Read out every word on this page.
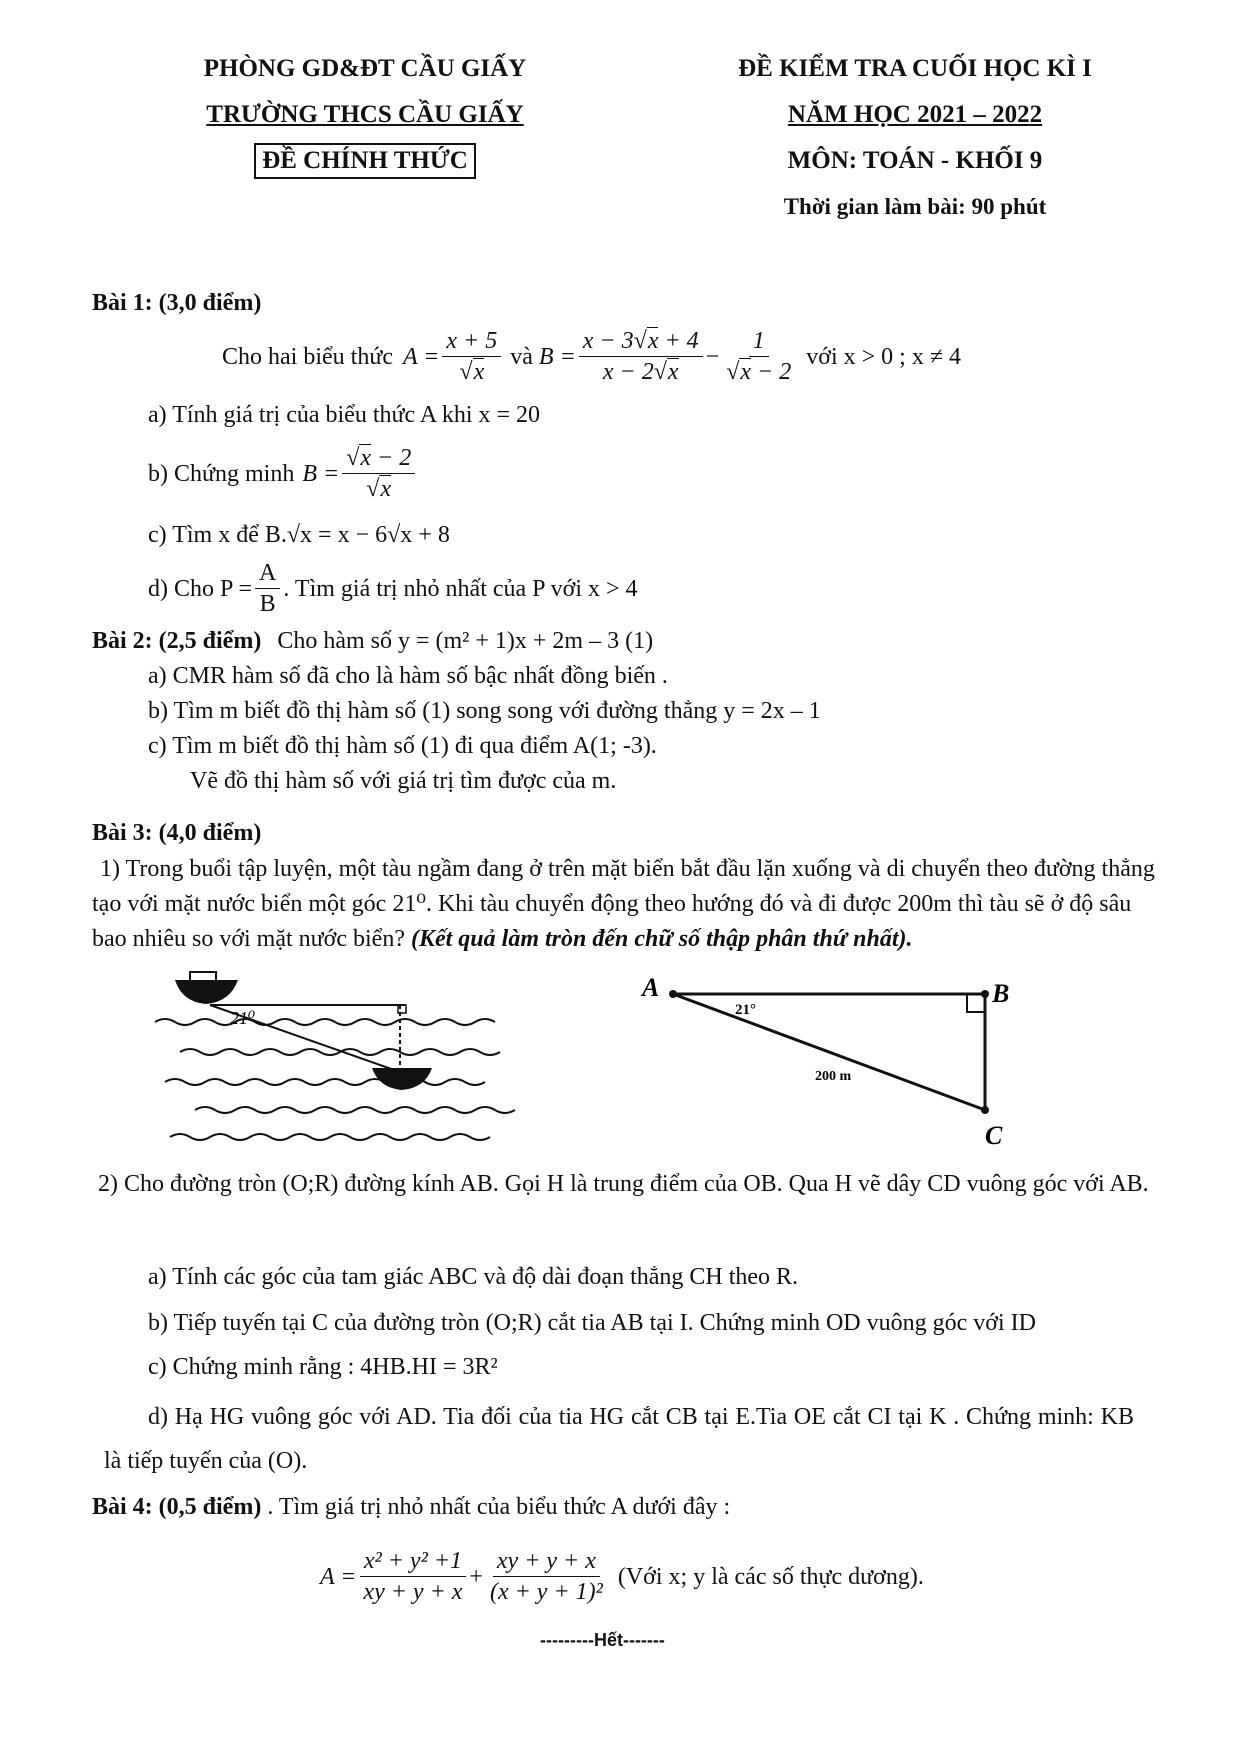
PHÒNG GD&ĐT CẦU GIẤY
TRƯỜNG THCS CẦU GIẤY
ĐỀ CHÍNH THỨC
ĐỀ KIỂM TRA CUỐI HỌC KÌ I
NĂM HỌC 2021 – 2022
MÔN: TOÁN - KHỐI 9
Thời gian làm bài: 90 phút
Bài 1: (3,0 điểm)
Cho hai biểu thức $A = \frac{x + 5}{√x}$ và $B = \frac{x - 3√x + 4}{x - 2√x} - \frac{1}{√x - 2}$ với x > 0 ; x ≠ 4
a) Tính giá trị của biểu thức A khi x = 20
b) Chứng minh $B = \frac{√x - 2}{√x}$
c) Tìm x để B.√x = x − 6√x + 8
d) Cho $P = \frac{A}{B}$ . Tìm giá trị nhỏ nhất của P với x > 4
Bài 2: (2,5 điểm) Cho hàm số y = (m² + 1)x + 2m – 3 (1)
a) CMR hàm số đã cho là hàm số bậc nhất đồng biến .
b) Tìm m biết đồ thị hàm số (1) song song với đường thẳng y = 2x – 1
c) Tìm m biết đồ thị hàm số (1) đi qua điểm A(1; -3).
Vẽ đồ thị hàm số với giá trị tìm được của m.
Bài 3: (4,0 điểm)
1) Trong buổi tập luyện, một tàu ngầm đang ở trên mặt biển bắt đầu lặn xuống và di chuyển theo đường thẳng tạo với mặt nước biển một góc 21⁰. Khi tàu chuyển động theo hướng đó và đi được 200m thì tàu sẽ ở độ sâu bao nhiêu so với mặt nước biển? (Kết quả làm tròn đến chữ số thập phân thứ nhất).
21⁰
A	B
C
21°
200 m
2) Cho đường tròn (O;R) đường kính AB. Gọi H là trung điểm của OB. Qua H vẽ dây CD vuông góc với AB.
a) Tính các góc của tam giác ABC và độ dài đoạn thẳng CH theo R.
b) Tiếp tuyến tại C của đường tròn (O;R) cắt tia AB tại I. Chứng minh OD vuông góc với ID
c) Chứng minh rằng : 4HB.HI = 3R²
d) Hạ HG vuông góc với AD. Tia đối của tia HG cắt CB tại E.Tia OE cắt CI tại K . Chứng minh: KB là tiếp tuyến của (O).
Bài 4: (0,5 điểm) . Tìm giá trị nhỏ nhất của biểu thức A dưới đây :
$A = \frac{\text{x² + y² +1}}{xy + y + x} + \frac{xy + y + x}{\text{(x + y + 1)²}}$ (Với x; y là các số thực dương).
---------Hết-------
